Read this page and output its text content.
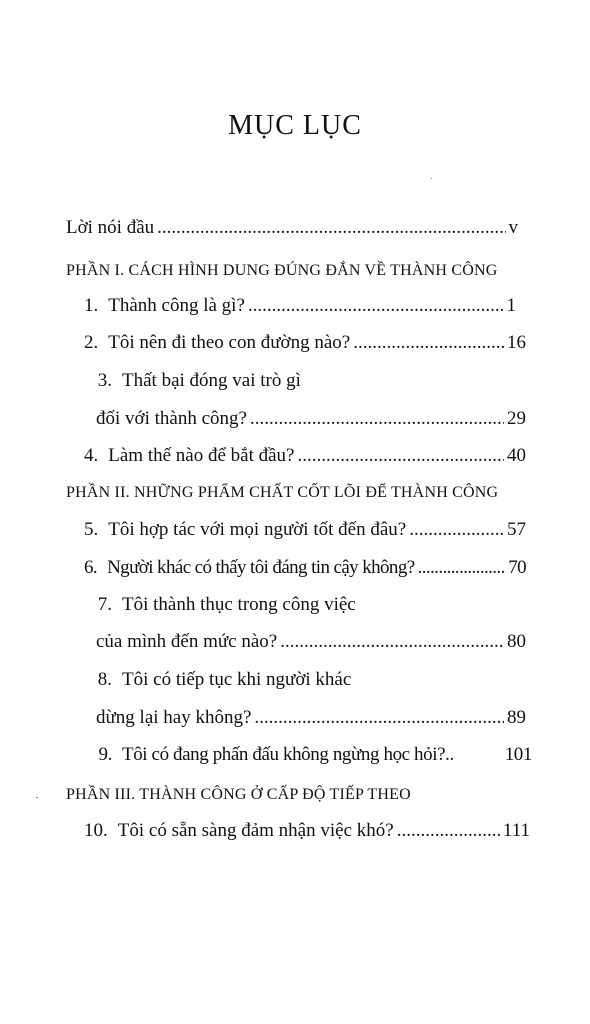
MỤC LỤC
Lời nói đầu .....	v
PHẦN I. CÁCH HÌNH DUNG ĐÚNG ĐẮN VỀ THÀNH CÔNG
1. Thành công là gì? .....	1
2. Tôi nên đi theo con đường nào? .....	16
3. Thất bại đóng vai trò gì
đối với thành công? .....	29
4. Làm thế nào để bắt đầu? .....	40
PHẦN II. NHỮNG PHẨM CHẤT CỐT LÕI ĐỂ THÀNH CÔNG
5. Tôi hợp tác với mọi người tốt đến đâu? .....	57
6. Người khác có thấy tôi đáng tin cậy không? .....	70
7. Tôi thành thục trong công việc
của mình đến mức nào? .....	80
8. Tôi có tiếp tục khi người khác
dừng lại hay không? .....	89
9. Tôi có đang phấn đấu không ngừng học hỏi?..	101
PHẦN III. THÀNH CÔNG Ở CẤP ĐỘ TIẾP THEO
10. Tôi có sẵn sàng đảm nhận việc khó? .....	111
